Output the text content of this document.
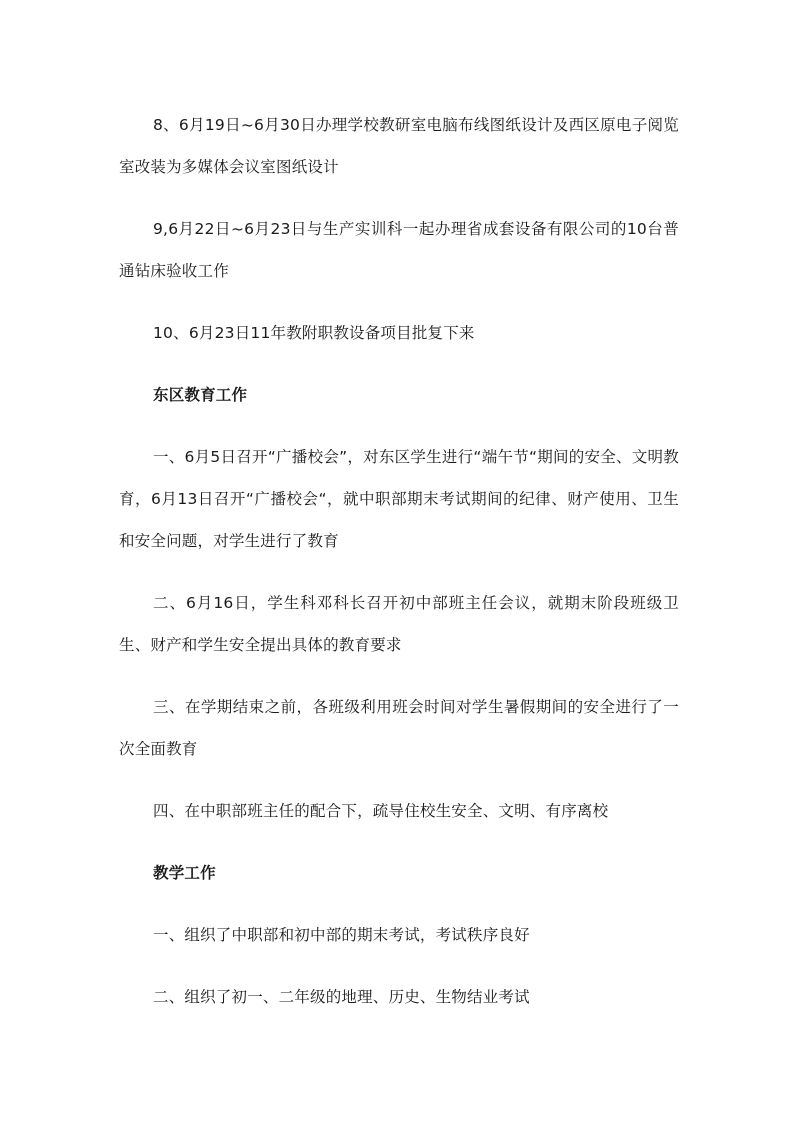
8、6月19日~6月30日办理学校教研室电脑布线图纸设计及西区原电子阅览室改装为多媒体会议室图纸设计

9,6月22日~6月23日与生产实训科一起办理省成套设备有限公司的10台普通钻床验收工作

10、6月23日11年教附职教设备项目批复下来

东区教育工作

一、6月5日召开“广播校会”，对东区学生进行“端午节“期间的安全、文明教育，6月13日召开“广播校会“，就中职部期末考试期间的纪律、财产使用、卫生和安全问题，对学生进行了教育

二、6月16日，学生科邓科长召开初中部班主任会议，就期末阶段班级卫生、财产和学生安全提出具体的教育要求

三、在学期结束之前，各班级利用班会时间对学生暑假期间的安全进行了一次全面教育

四、在中职部班主任的配合下，疏导住校生安全、文明、有序离校

教学工作

一、组织了中职部和初中部的期末考试，考试秩序良好

二、组织了初一、二年级的地理、历史、生物结业考试
